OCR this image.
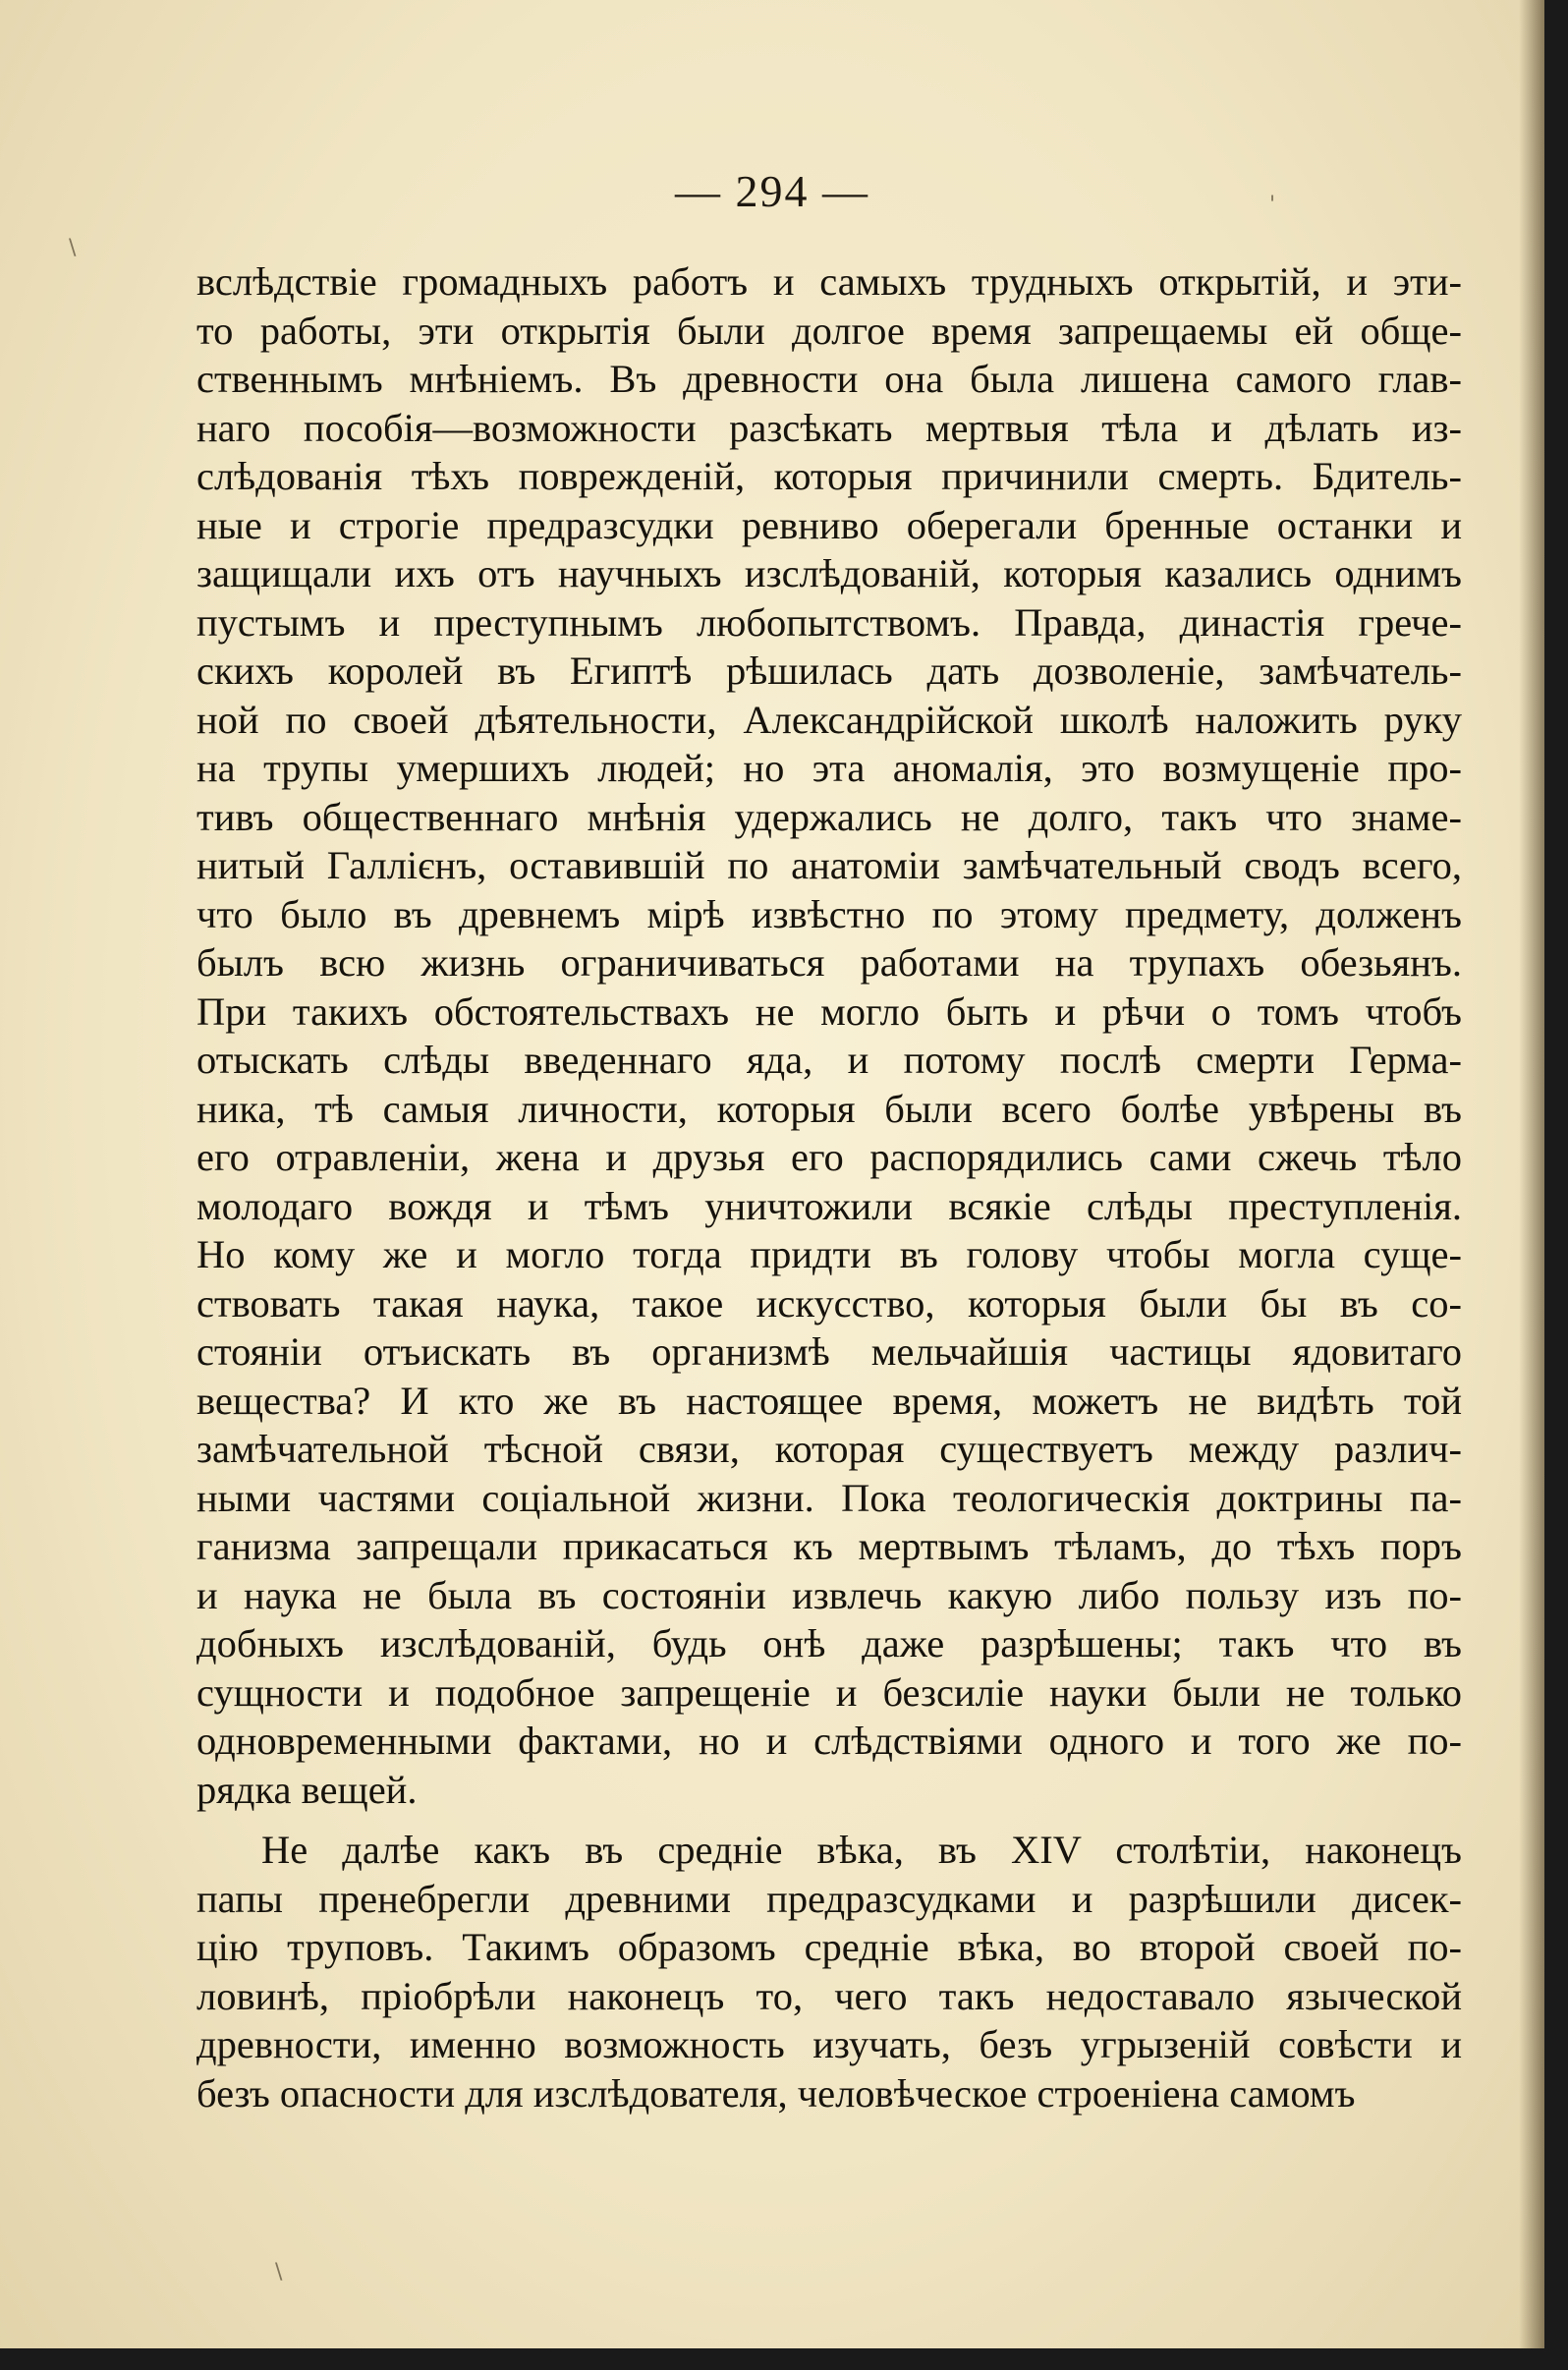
— 294 —
\
'
\
вслѣдствіе громадныхъ работъ и самыхъ трудныхъ открытій, и эти-
то работы, эти открытія были долгое время запрещаемы ей обще-
ственнымъ мнѣніемъ. Въ древности она была лишена самого глав-
наго пособія—возможности разсѣкать мертвыя тѣла и дѣлать из-
слѣдованія тѣхъ поврежденій, которыя причинили смерть. Бдитель-
ные и строгіе предразсудки ревниво оберегали бренные останки и
защищали ихъ отъ научныхъ изслѣдованій, которыя казались однимъ
пустымъ и преступнымъ любопытствомъ. Правда, династія грече-
скихъ королей въ Египтѣ рѣшилась дать дозволеніе, замѣчатель-
ной по своей дѣятельности, Александрійской школѣ наложить руку
на трупы умершихъ людей; но эта аномалія, это возмущеніе про-
тивъ общественнаго мнѣнія удержались не долго, такъ что знаме-
нитый Галлієнъ, оставившій по анатоміи замѣчательный сводъ всего,
что было въ древнемъ мірѣ извѣстно по этому предмету, долженъ
былъ всю жизнь ограничиваться работами на трупахъ обезьянъ.
При такихъ обстоятельствахъ не могло быть и рѣчи о томъ чтобъ
отыскать слѣды введеннаго яда, и потому послѣ смерти Герма-
ника, тѣ самыя личности, которыя были всего болѣе увѣрены въ
его отравленіи, жена и друзья его распорядились сами сжечь тѣло
молодаго вождя и тѣмъ уничтожили всякіе слѣды преступленія.
Но кому же и могло тогда придти въ голову чтобы могла суще-
ствовать такая наука, такое искусство, которыя были бы въ со-
стояніи отъискать въ организмѣ мельчайшія частицы ядовитаго
вещества? И кто же въ настоящее время, можетъ не видѣть той
замѣчательной тѣсной связи, которая существуетъ между различ-
ными частями соціальной жизни. Пока теологическія доктрины па-
ганизма запрещали прикасаться къ мертвымъ тѣламъ, до тѣхъ поръ
и наука не была въ состояніи извлечь какую либо пользу изъ по-
добныхъ изслѣдованій, будь онѣ даже разрѣшены; такъ что въ
сущности и подобное запрещеніе и безсиліе науки были не только
одновременными фактами, но и слѣдствіями одного и того же по-
рядка вещей.
Не далѣе какъ въ средніе вѣка, въ XIV столѣтіи, наконецъ
папы пренебрегли древними предразсудками и разрѣшили дисек-
цію труповъ. Такимъ образомъ средніе вѣка, во второй своей по-
ловинѣ, пріобрѣли наконецъ то, чего такъ недоставало языческой
древности, именно возможность изучать, безъ угрызеній совѣсти и
безъ опасности для изслѣдователя, человѣческое строеніена самомъ
